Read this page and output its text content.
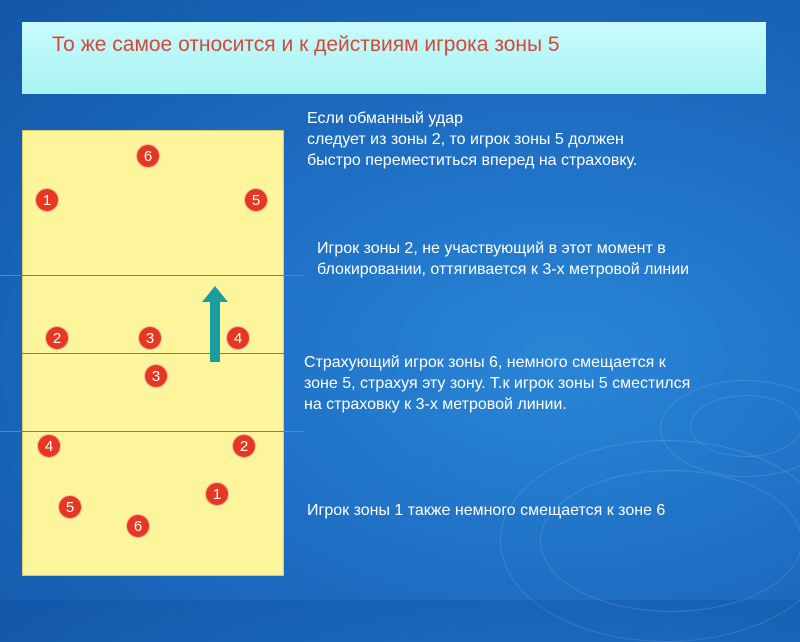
То же самое относится и к действиям игрока зоны 5
6
1	5
2	3	4
3
4	2
1
5
6
Если обманный удар
следует из зоны 2, то игрок зоны 5 должен
быстро переместиться вперед на страховку.
Игрок зоны 2, не участвующий в этот момент в
блокировании, оттягивается к 3-х метровой линии
Страхующий игрок зоны 6, немного смещается к
зоне 5, страхуя эту зону. Т.к игрок зоны 5 сместился
на страховку к 3-х метровой линии.
Игрок зоны 1 также немного смещается к зоне 6
